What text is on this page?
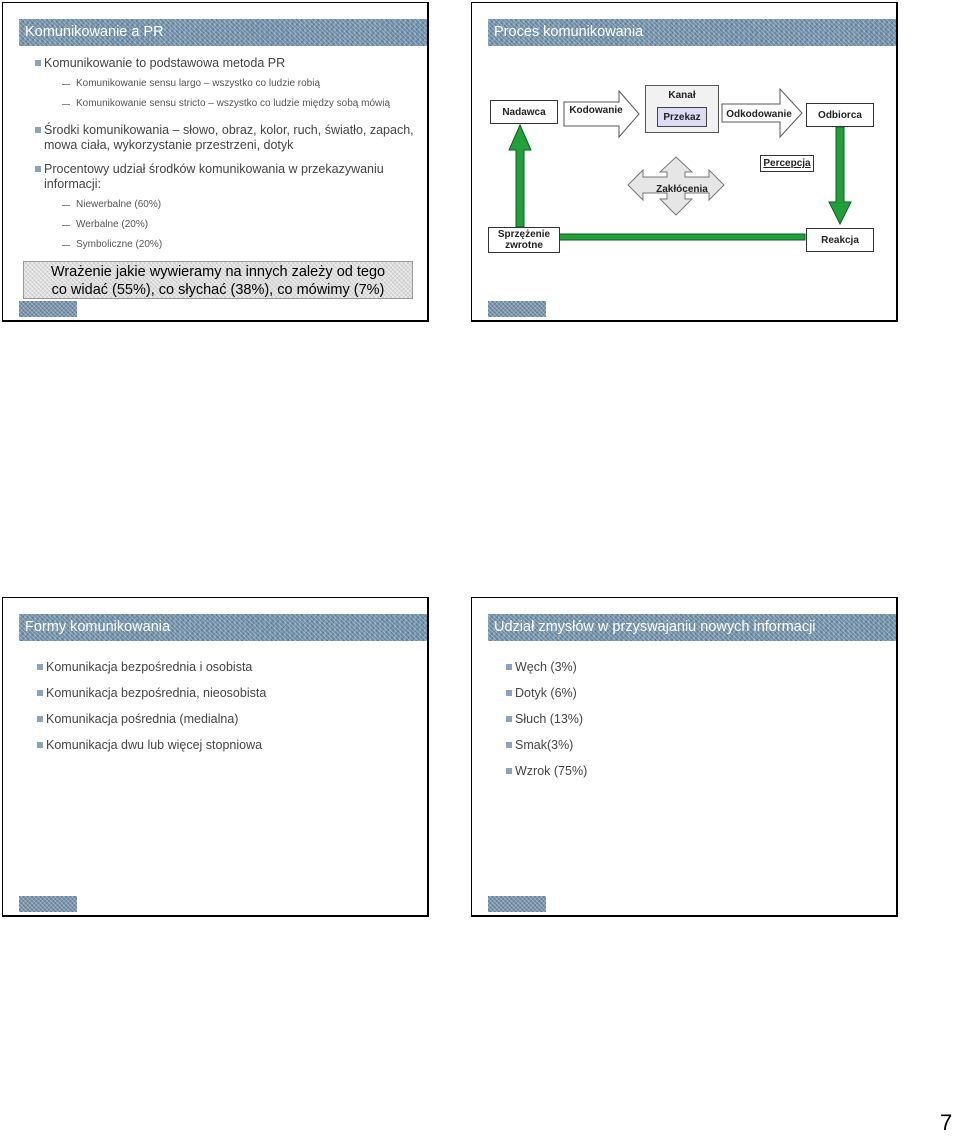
Komunikowanie a PR
Komunikowanie to podstawowa metoda PR
Komunikowanie sensu largo – wszystko co ludzie robią
Komunikowanie sensu stricto – wszystko co ludzie między sobą mówią
Środki komunikowania – słowo, obraz, kolor, ruch, światło, zapach,
mowa ciała, wykorzystanie przestrzeni, dotyk
Procentowy udział środków komunikowania w przekazywaniu
informacji:
Niewerbalne (60%)
Werbalne (20%)
Symboliczne (20%)
Wrażenie jakie wywieramy na innych zależy od tego
co widać (55%), co słychać (38%), co mówimy (7%)
Proces komunikowania
Nadawca	Kodowanie
Kanał
Przekaz	Odkodowanie	Odbiorca
Percepcja
Zakłócenia
Sprzężenie
zwrotne	Reakcja
Formy komunikowania
Komunikacja bezpośrednia i osobista
Komunikacja bezpośrednia, nieosobista
Komunikacja pośrednia (medialna)
Komunikacja dwu lub więcej stopniowa
Udział zmysłów w przyswajaniu nowych informacji
Węch (3%)
Dotyk (6%)
Słuch (13%)
Smak(3%)
Wzrok (75%)
7
